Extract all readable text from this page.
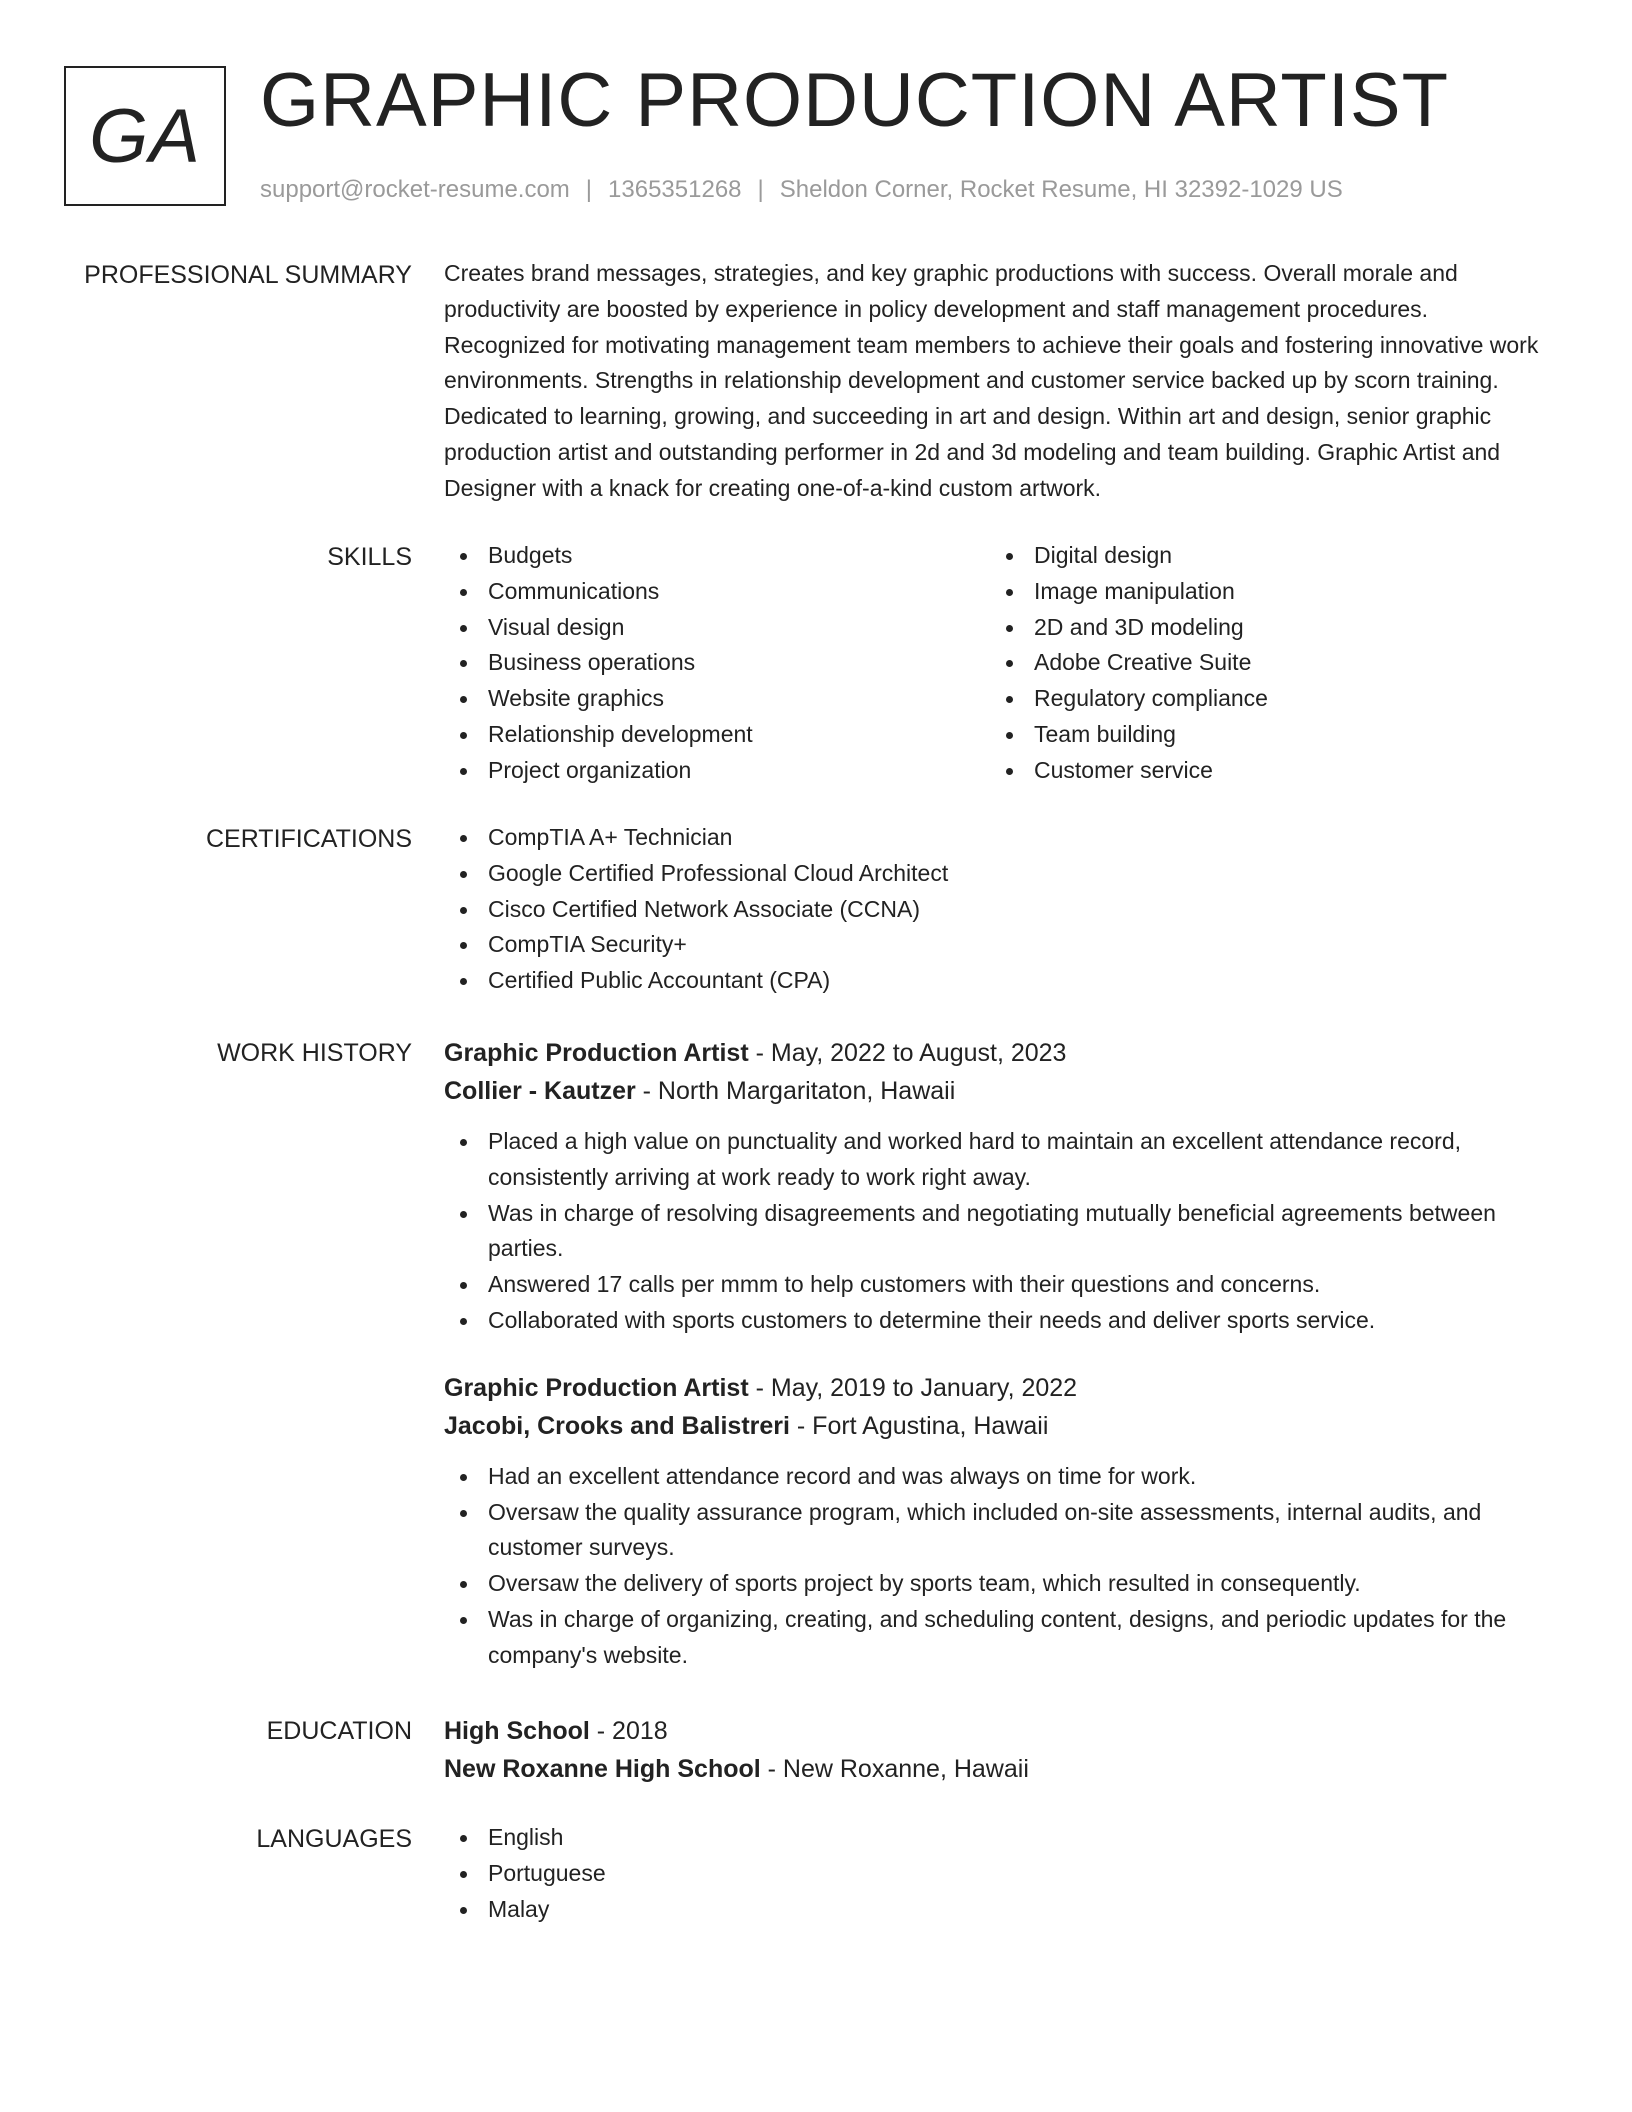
GA GRAPHIC PRODUCTION ARTIST
support@rocket-resume.com | 1365351268 | Sheldon Corner, Rocket Resume, HI 32392-1029 US
PROFESSIONAL SUMMARY Creates brand messages, strategies, and key graphic productions with success. Overall morale and productivity are boosted by experience in policy development and staff management procedures. Recognized for motivating management team members to achieve their goals and fostering innovative work environments. Strengths in relationship development and customer service backed up by scorn training. Dedicated to learning, growing, and succeeding in art and design. Within art and design, senior graphic production artist and outstanding performer in 2d and 3d modeling and team building. Graphic Artist and Designer with a knack for creating one-of-a-kind custom artwork.

SKILLS	Budgets
Communications
Visual design
Business operations
Website graphics
Relationship development
Project organization
Digital design
Image manipulation
2D and 3D modeling
Adobe Creative Suite
Regulatory compliance
Team building
Customer service
CERTIFICATIONS	CompTIA A+ Technician
Google Certified Professional Cloud Architect
Cisco Certified Network Associate (CCNA)
CompTIA Security+
Certified Public Accountant (CPA)
WORK HISTORY Graphic Production Artist - May, 2022 to August, 2023
Collier - Kautzer - North Margaritaton, Hawaii
Placed a high value on punctuality and worked hard to maintain an excellent attendance record, consistently arriving at work ready to work right away.
Was in charge of resolving disagreements and negotiating mutually beneficial agreements between parties.
Answered 17 calls per mmm to help customers with their questions and concerns.
Collaborated with sports customers to determine their needs and deliver sports service.
Graphic Production Artist - May, 2019 to January, 2022
Jacobi, Crooks and Balistreri - Fort Agustina, Hawaii
Had an excellent attendance record and was always on time for work.
Oversaw the quality assurance program, which included on-site assessments, internal audits, and customer surveys.
Oversaw the delivery of sports project by sports team, which resulted in consequently.
Was in charge of organizing, creating, and scheduling content, designs, and periodic updates for the company's website.
EDUCATION High School - 2018
New Roxanne High School - New Roxanne, Hawaii
LANGUAGES	English
Portuguese
Malay
